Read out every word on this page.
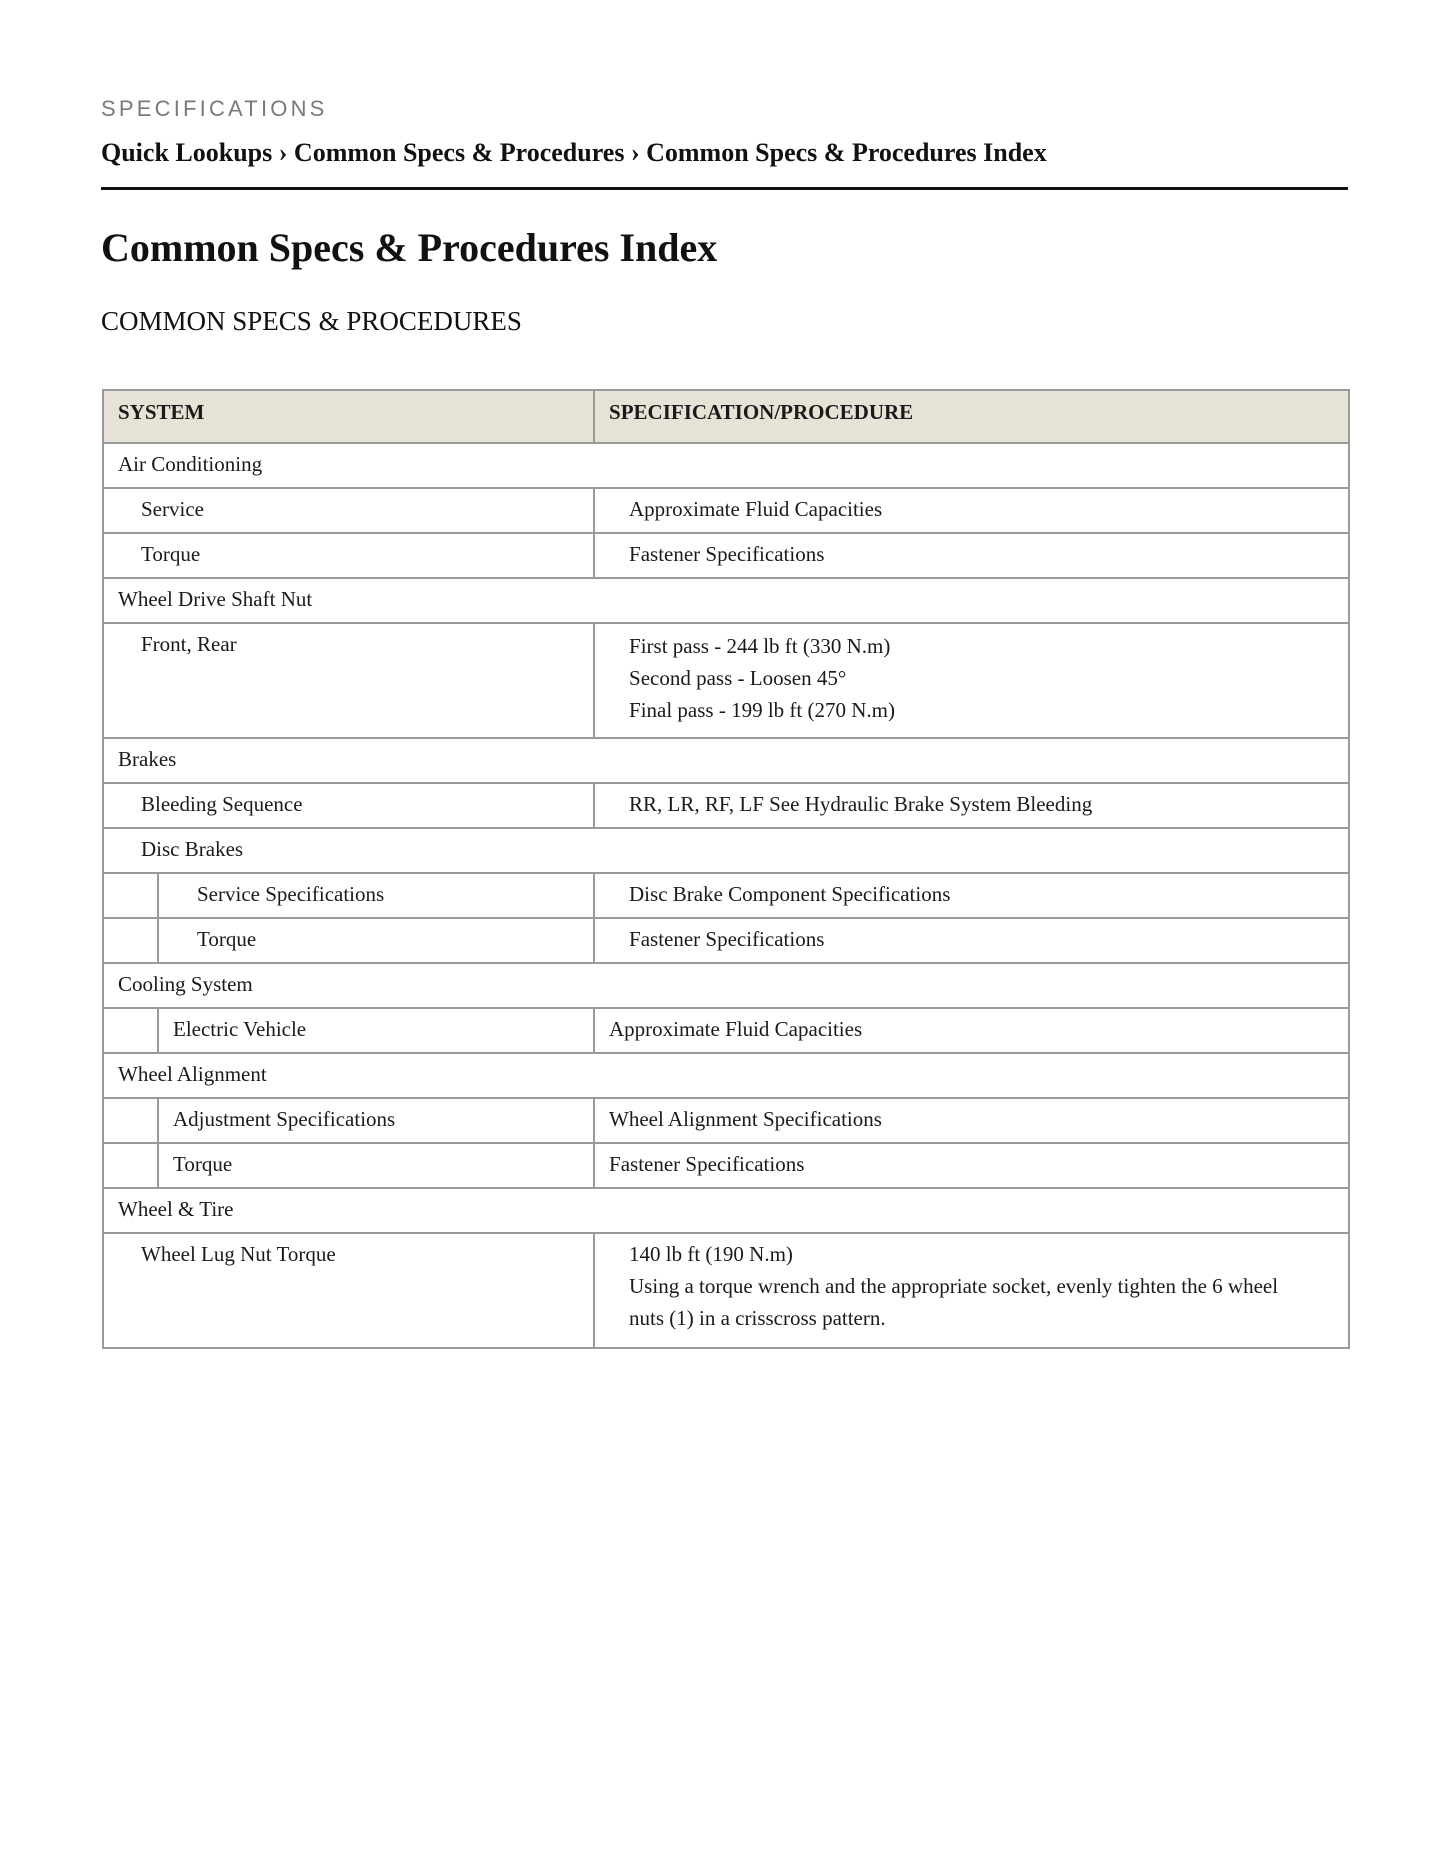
SPECIFICATIONS
Quick Lookups › Common Specs & Procedures › Common Specs & Procedures Index
Common Specs & Procedures Index
COMMON SPECS & PROCEDURES
SYSTEM		SPECIFICATION/PROCEDURE
Air Conditioning		
Service		Approximate Fluid Capacities
Torque		Fastener Specifications
Wheel Drive Shaft Nut		
Front, Rear		First pass - 244 lb ft (330 N.m)
Second pass - Loosen 45°
Final pass - 199 lb ft (270 N.m)

Brakes		
Bleeding Sequence		RR, LR, RF, LF See Hydraulic Brake System Bleeding
Disc Brakes		
	Service Specifications	Disc Brake Component Specifications
	Torque	Fastener Specifications
Cooling System		
	Electric Vehicle	Approximate Fluid Capacities
Wheel Alignment		
	Adjustment Specifications	Wheel Alignment Specifications
	Torque	Fastener Specifications
Wheel & Tire		
Wheel Lug Nut Torque		140 lb ft (190 N.m)
Using a torque wrench and the appropriate socket, evenly tighten the 6 wheel nuts (1) in a crisscross pattern.
